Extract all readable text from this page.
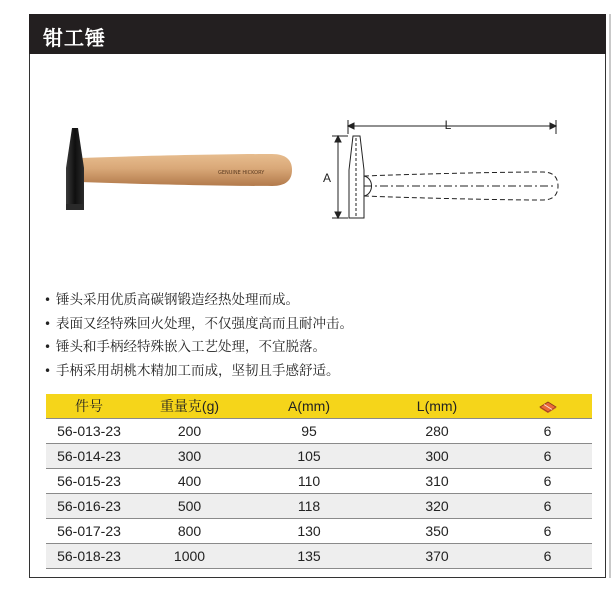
钳工锤
GENUINE HICKORY
L
A
• 锤头采用优质高碳钢锻造经热处理而成。
• 表面又经特殊回火处理，不仅强度高而且耐冲击。
• 锤头和手柄经特殊嵌入工艺处理，不宜脱落。
• 手柄采用胡桃木精加工而成，坚韧且手感舒适。
件号	重量克(g)	A(mm)	L(mm)	
56-013-23	200	95	280	6
56-014-23	300	105	300	6
56-015-23	400	110	310	6
56-016-23	500	118	320	6
56-017-23	800	130	350	6
56-018-23	1000	135	370	6
